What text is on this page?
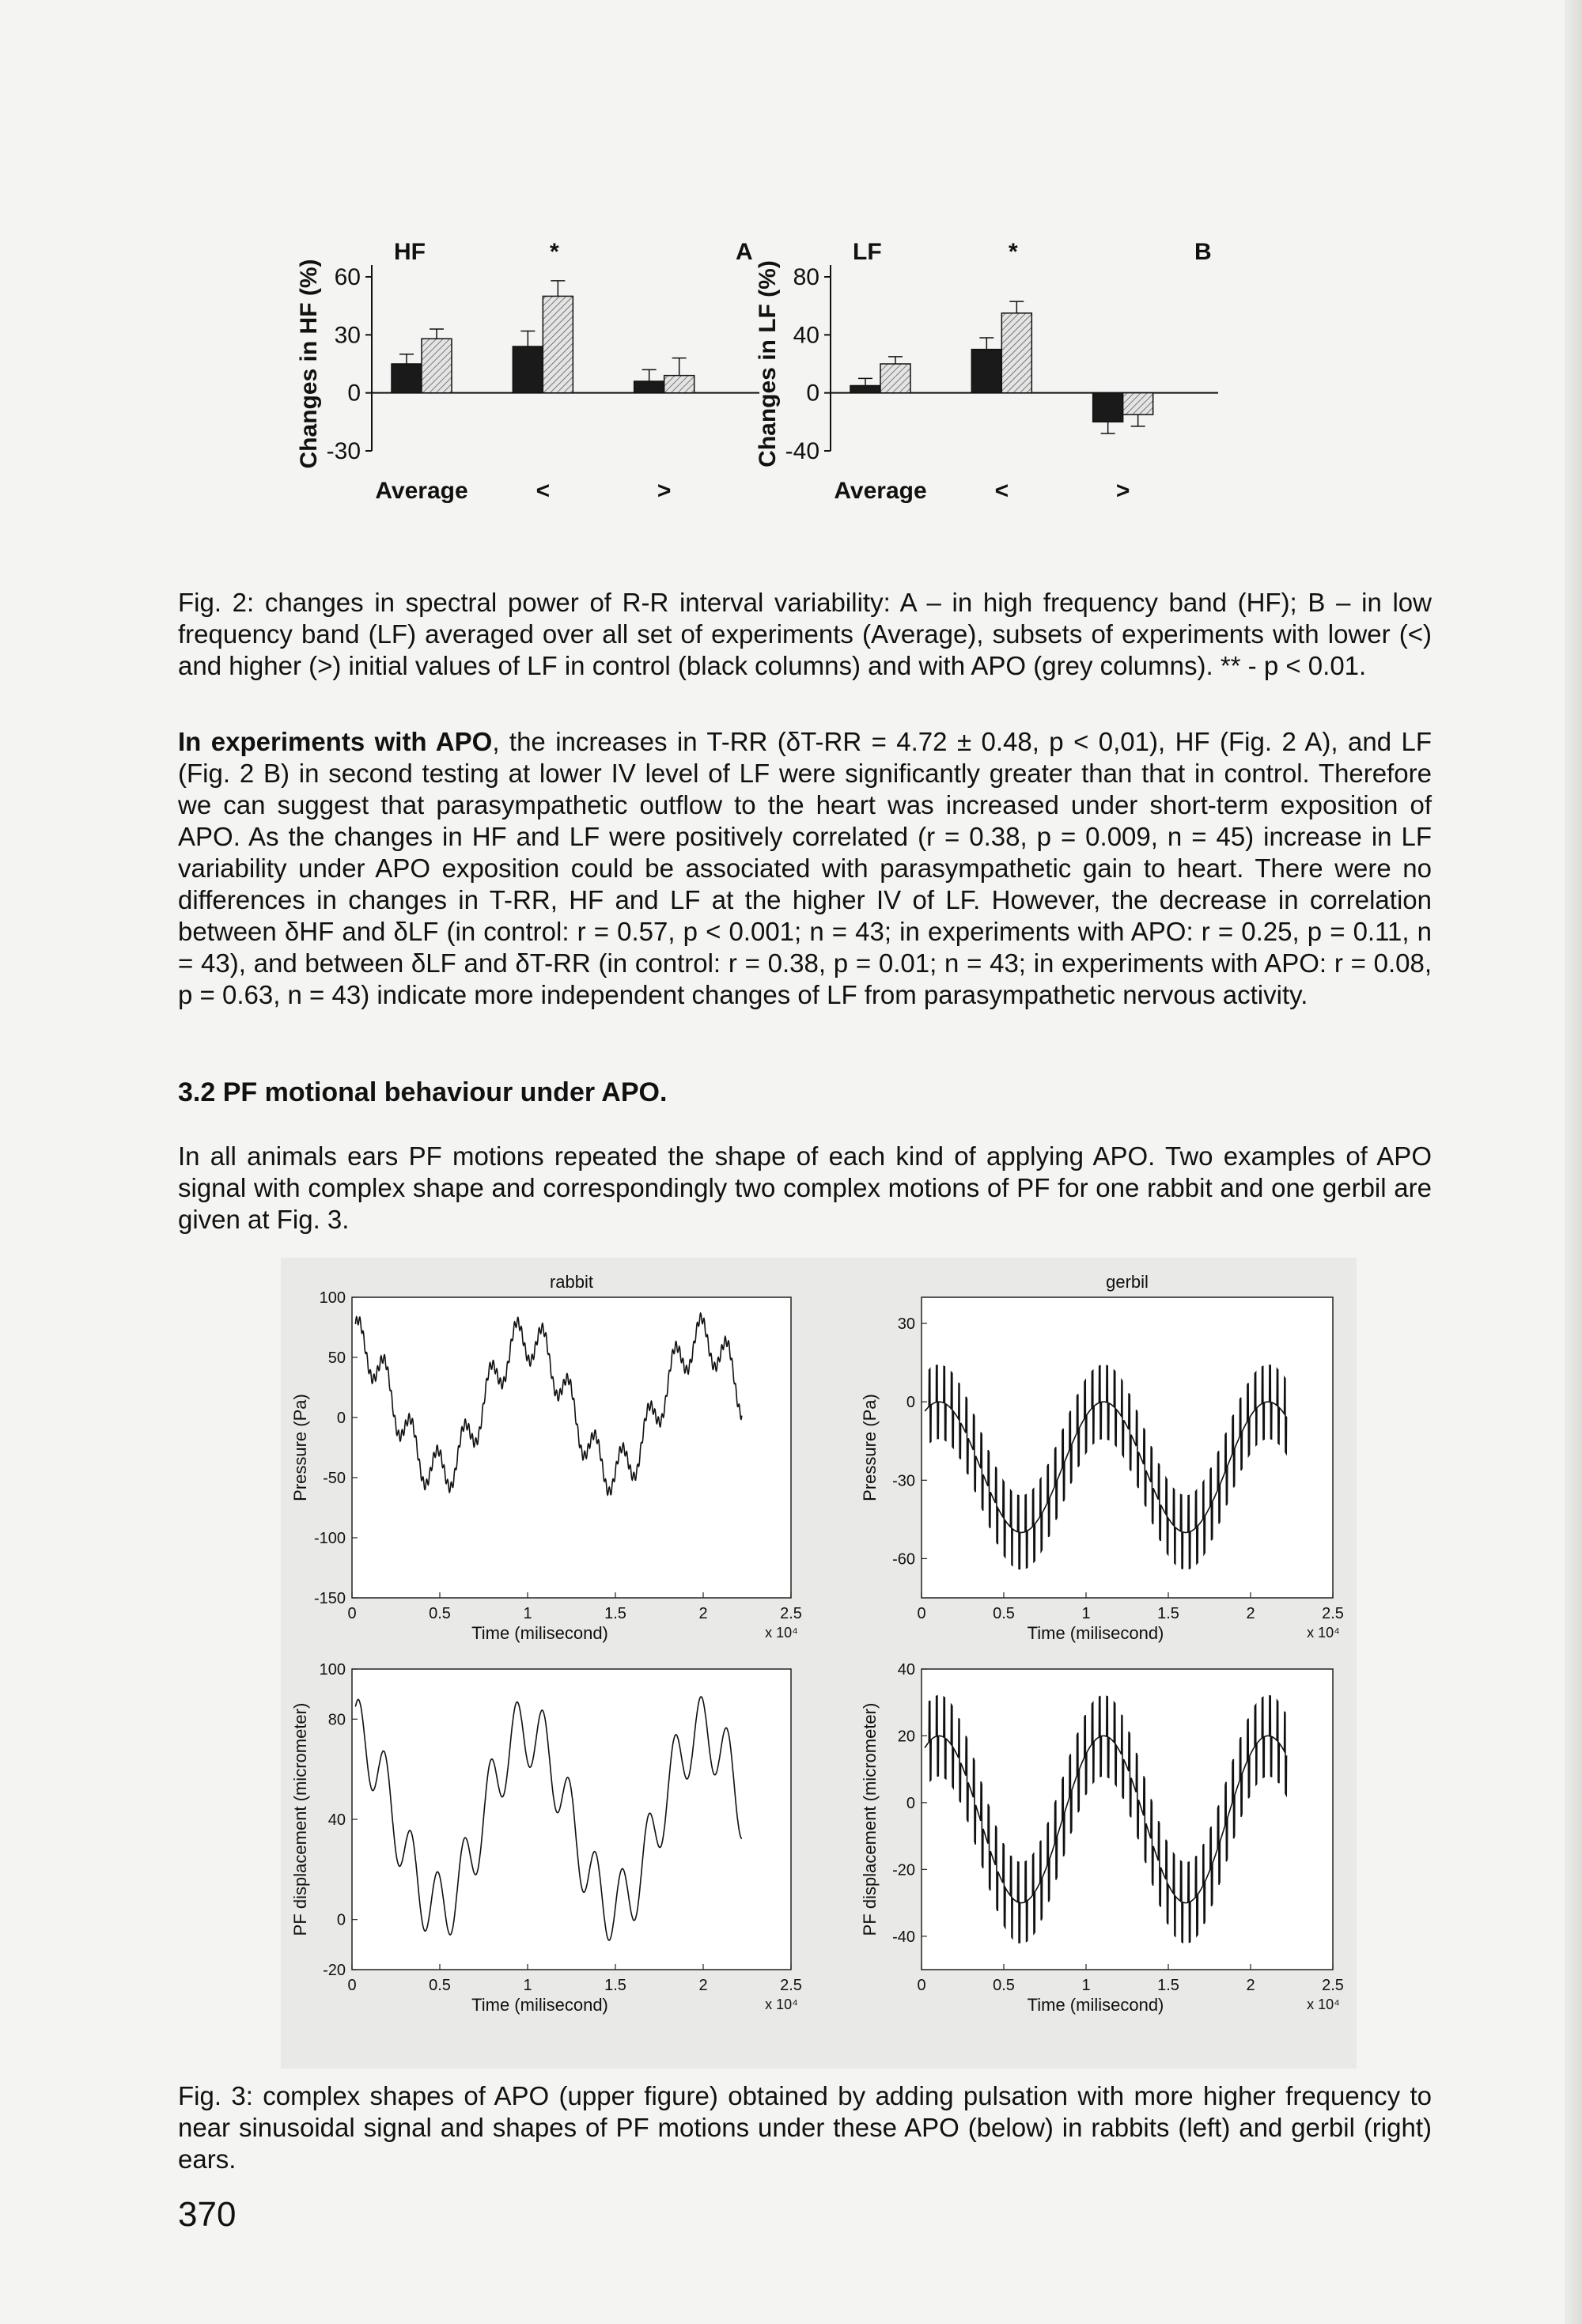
Changes in HF (%) 60
30
0
-30
HF	A
*
Average	<	>
Changes in LF (%) 80
40
0
-40
LF	B
*
Average	<	>
Fig. 2: changes in spectral power of R-R interval variability: A – in high frequency band (HF); B – in low frequency band (LF) averaged over all set of experiments (Average), subsets of experiments with lower (<) and higher (>) initial values of LF in control (black columns) and with APO (grey columns). ** - p < 0.01.
In experiments with APO, the increases in T-RR (δT-RR = 4.72 ± 0.48, p < 0,01), HF (Fig. 2 A), and LF (Fig. 2 B) in second testing at lower IV level of LF were significantly greater than that in control. Therefore we can suggest that parasympathetic outflow to the heart was increased under short-term exposition of APO. As the changes in HF and LF were positively correlated (r = 0.38, p = 0.009, n = 45) increase in LF variability under APO exposition could be associated with parasympathetic gain to heart. There were no differences in changes in T-RR, HF and LF at the higher IV of LF. However, the decrease in correlation between δHF and δLF (in control: r = 0.57, p < 0.001; n = 43; in experiments with APO: r = 0.25, p = 0.11, n = 43), and between δLF and δT-RR (in control: r = 0.38, p = 0.01; n = 43; in experiments with APO: r = 0.08, p = 0.63, n = 43) indicate more independent changes of LF from parasympathetic nervous activity.
3.2 PF motional behaviour under APO.
In all animals ears PF motions repeated the shape of each kind of applying APO. Two examples of APO signal with complex shape and correspondingly two complex motions of PF for one rabbit and one gerbil are given at Fig. 3.
rabbit
0	0.5	1	1.5	2	2.5
x 10⁴
Time (milisecond)
100
50
0
-50
-100
-150
Pressure (Pa)
gerbil
0	0.5	1	1.5	2	2.5
x 10⁴
Time (milisecond)
30
0
-30
-60
Pressure (Pa)
0	0.5	1	1.5	2	2.5
x 10⁴
Time (milisecond)
100
80
40
0
-20
PF displacement (micrometer)
0	0.5	1	1.5	2	2.5
x 10⁴
Time (milisecond)
40
20
0
-20
-40
PF displacement (micrometer)
Fig. 3: complex shapes of APO (upper figure) obtained by adding pulsation with more higher frequency to near sinusoidal signal and shapes of PF motions under these APO (below) in rabbits (left) and gerbil (right) ears.
370
